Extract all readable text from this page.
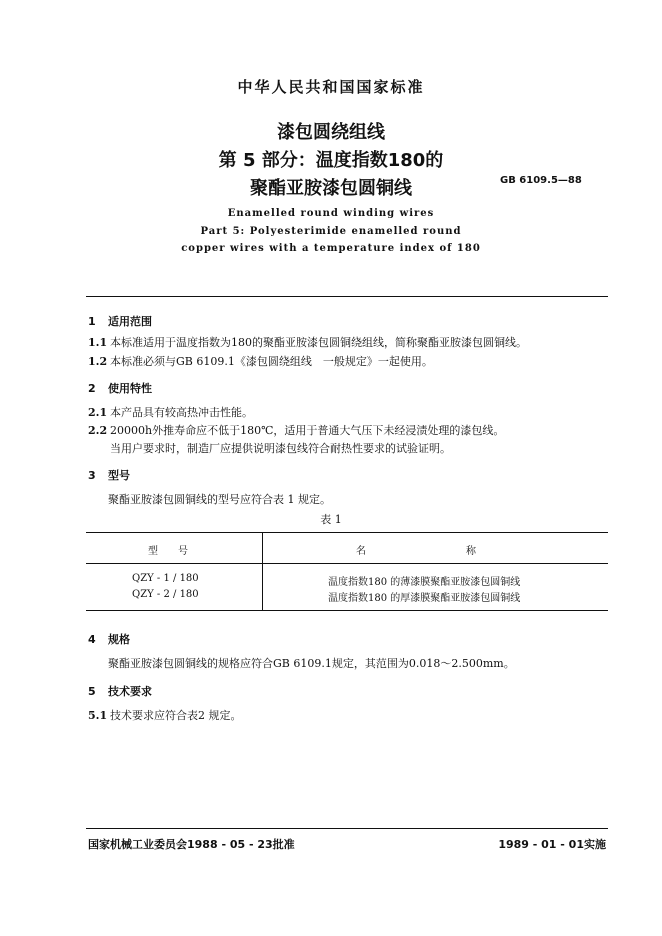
中华人民共和国国家标准
漆包圆绕组线
第 5 部分：温度指数180的
聚酯亚胺漆包圆铜线	GB 6109.5—88
Enamelled round winding wires
Part 5: Polyesterimide enamelled round
copper wires with a temperature index of 180
1 适用范围
1.1 本标准适用于温度指数为180的聚酯亚胺漆包圆铜绕组线，简称聚酯亚胺漆包圆铜线。
1.2 本标准必须与GB 6109.1《漆包圆绕组线　一般规定》一起使用。
2 使用特性
2.1 本产品具有较高热冲击性能。
2.2 20000h外推寿命应不低于180℃，适用于普通大气压下未经浸渍处理的漆包线。
当用户要求时，制造厂应提供说明漆包线符合耐热性要求的试验证明。
3 型号
聚酯亚胺漆包圆铜线的型号应符合表 1 规定。
表 1
型　　号	名　　　　　　　　　　称
QZY - 1 / 180	温度指数180 的薄漆膜聚酯亚胺漆包圆铜线
QZY - 2 / 180	温度指数180 的厚漆膜聚酯亚胺漆包圆铜线
4 规格
聚酯亚胺漆包圆铜线的规格应符合GB 6109.1规定，其范围为0.018～2.500mm。
5 技术要求
5.1 技术要求应符合表2 规定。
国家机械工业委员会1988 - 05 - 23批准	1989 - 01 - 01实施
